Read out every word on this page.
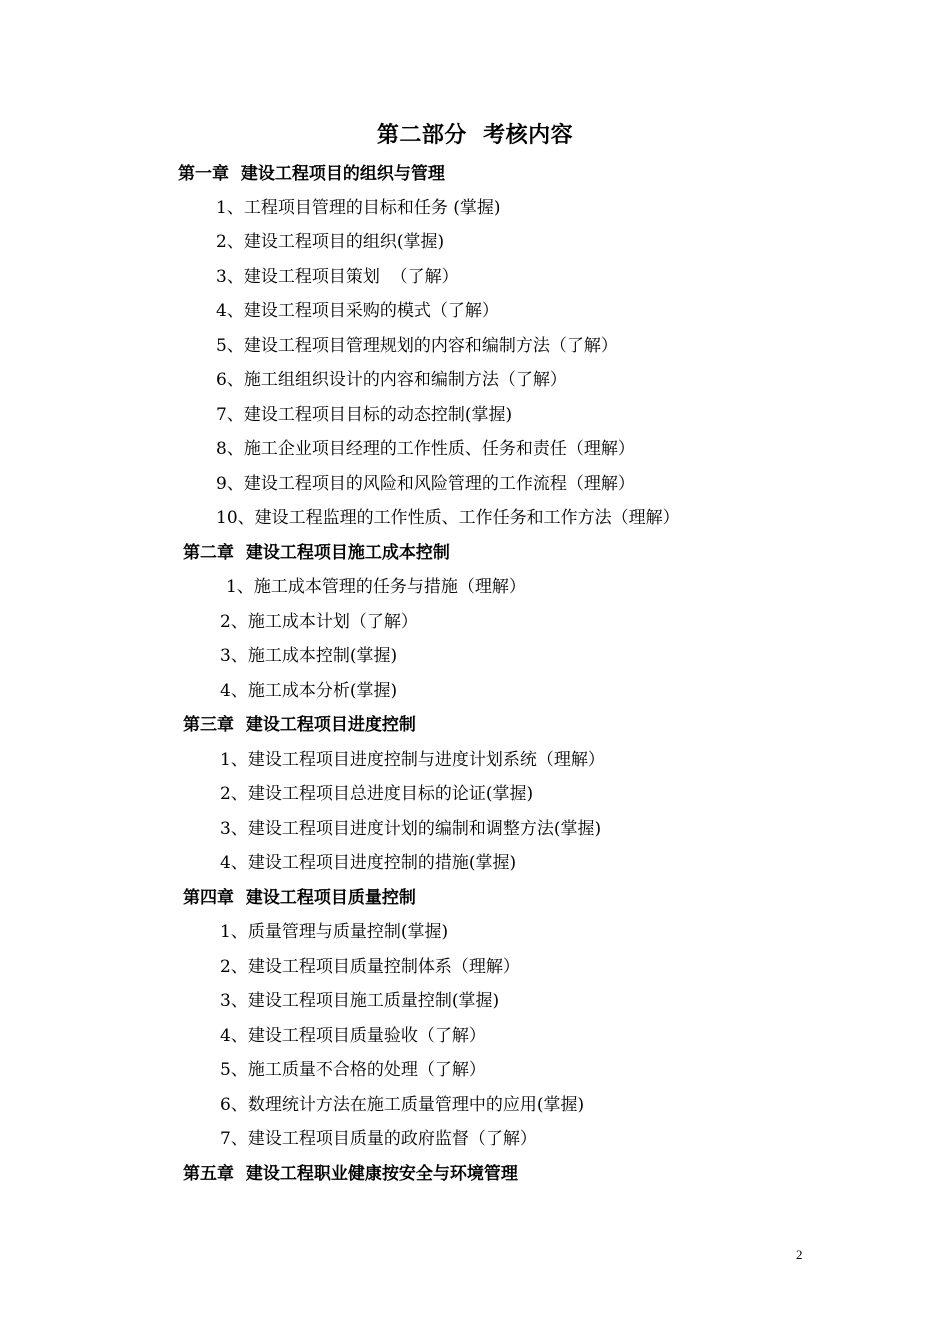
第二部分  考核内容
第一章  建设工程项目的组织与管理
1、工程项目管理的目标和任务 (掌握)
2、建设工程项目的组织(掌握)
3、建设工程项目策划  （了解）
4、建设工程项目采购的模式（了解）
5、建设工程项目管理规划的内容和编制方法（了解）
6、施工组组织设计的内容和编制方法（了解）
7、建设工程项目目标的动态控制(掌握)
8、施工企业项目经理的工作性质、任务和责任（理解）
9、建设工程项目的风险和风险管理的工作流程（理解）
10、建设工程监理的工作性质、工作任务和工作方法（理解）
第二章  建设工程项目施工成本控制
1、施工成本管理的任务与措施（理解）
2、施工成本计划（了解）
3、施工成本控制(掌握)
4、施工成本分析(掌握)
第三章  建设工程项目进度控制
1、建设工程项目进度控制与进度计划系统（理解）
2、建设工程项目总进度目标的论证(掌握)
3、建设工程项目进度计划的编制和调整方法(掌握)
4、建设工程项目进度控制的措施(掌握)
第四章  建设工程项目质量控制
1、质量管理与质量控制(掌握)
2、建设工程项目质量控制体系（理解）
3、建设工程项目施工质量控制(掌握)
4、建设工程项目质量验收（了解）
5、施工质量不合格的处理（了解）
6、数理统计方法在施工质量管理中的应用(掌握)
7、建设工程项目质量的政府监督（了解）
第五章  建设工程职业健康按安全与环境管理
2
